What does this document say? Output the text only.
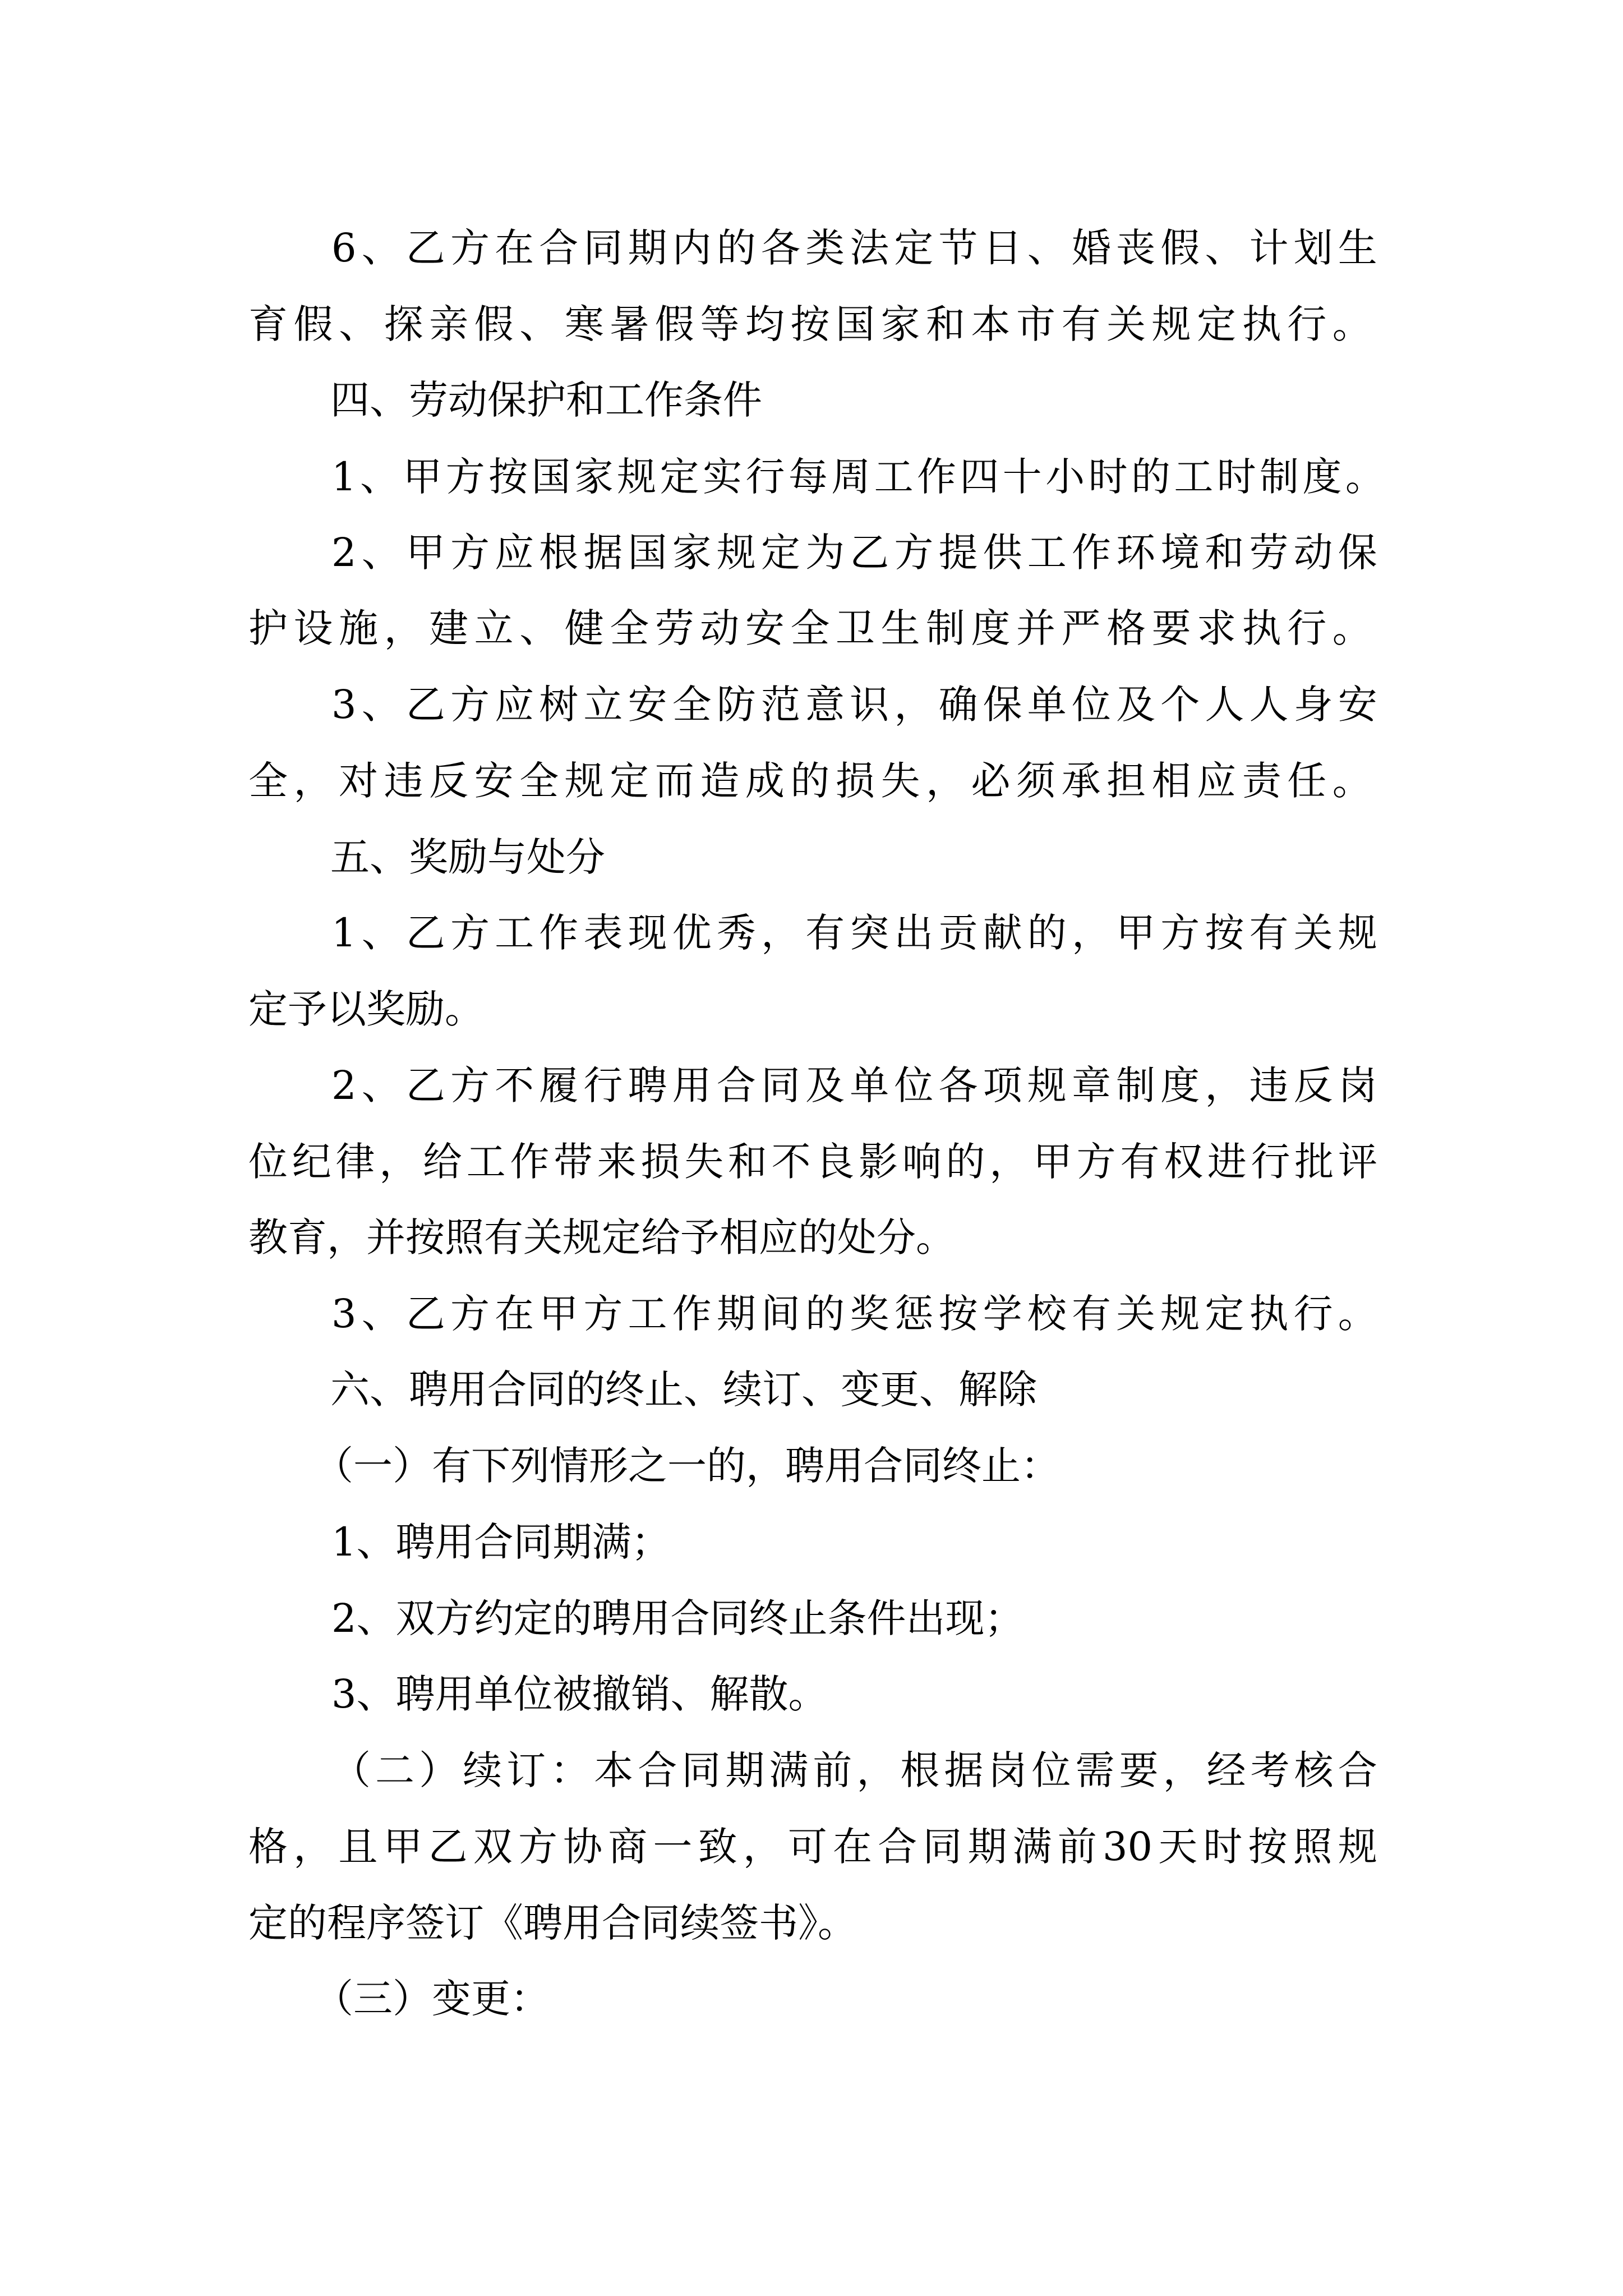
6 、 乙 方 在 合 同 期 内 的 各 类 法 定 节 日 、 婚 丧 假 、 计 划 生

育 假 、 探 亲 假 、 寒 暑 假 等 均 按 国 家 和 本 市 有 关 规 定 执 行 。

四、劳动保护和工作条件

1 、 甲 方 按 国 家 规 定 实 行 每 周 工 作 四 十 小 时 的 工 时 制 度 。

2 、 甲 方 应 根 据 国 家 规 定 为 乙 方 提 供 工 作 环 境 和 劳 动 保

护 设 施 ， 建 立 、 健 全 劳 动 安 全 卫 生 制 度 并 严 格 要 求 执 行 。

3 、 乙 方 应 树 立 安 全 防 范 意 识 ， 确 保 单 位 及 个 人 人 身 安

全 ， 对 违 反 安 全 规 定 而 造 成 的 损 失 ， 必 须 承 担 相 应 责 任 。

五、奖励与处分

1 、 乙 方 工 作 表 现 优 秀 ， 有 突 出 贡 献 的 ， 甲 方 按 有 关 规

定予以奖励。

2 、 乙 方 不 履 行 聘 用 合 同 及 单 位 各 项 规 章 制 度 ， 违 反 岗

位 纪 律 ， 给 工 作 带 来 损 失 和 不 良 影 响 的 ， 甲 方 有 权 进 行 批 评

教育，并按照有关规定给予相应的处分。

3 、 乙 方 在 甲 方 工 作 期 间 的 奖 惩 按 学 校 有 关 规 定 执 行 。

六、聘用合同的终止、续订、变更、解除

（一）有下列情形之一的，聘用合同终止：

1、聘用合同期满；

2、双方约定的聘用合同终止条件出现；

3、聘用单位被撤销、解散。

（ 二 ） 续 订 ： 本 合 同 期 满 前 ， 根 据 岗 位 需 要 ， 经 考 核 合

格 ， 且 甲 乙 双 方 协 商 一 致 ， 可 在 合 同 期 满 前 30 天 时 按 照 规

定的程序签订《聘用合同续签书》。

（三）变更：
